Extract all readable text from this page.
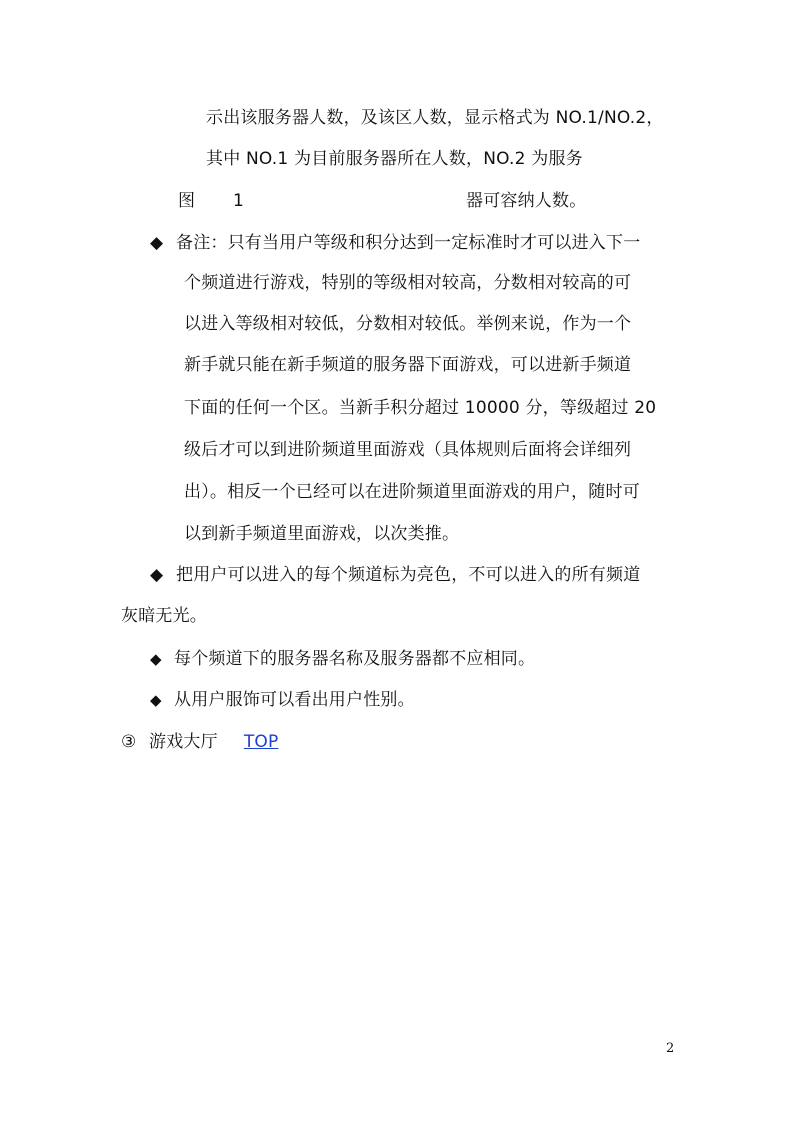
示出该服务器人数，及该区人数，显示格式为 NO.1/NO.2，
其中 NO.1 为目前服务器所在人数，NO.2 为服务
图 1	器可容纳人数。
◆ 备注：只有当用户等级和积分达到一定标准时才可以进入下一
个频道进行游戏，特别的等级相对较高，分数相对较高的可
以进入等级相对较低，分数相对较低。举例来说，作为一个
新手就只能在新手频道的服务器下面游戏，可以进新手频道
下面的任何一个区。当新手积分超过 10000 分，等级超过 20
级后才可以到进阶频道里面游戏（具体规则后面将会详细列
出）。相反一个已经可以在进阶频道里面游戏的用户，随时可
以到新手频道里面游戏，以次类推。
◆ 把用户可以进入的每个频道标为亮色，不可以进入的所有频道
灰暗无光。
◆ 每个频道下的服务器名称及服务器都不应相同。
◆ 从用户服饰可以看出用户性别。
③ 游戏大厅 TOP
2
